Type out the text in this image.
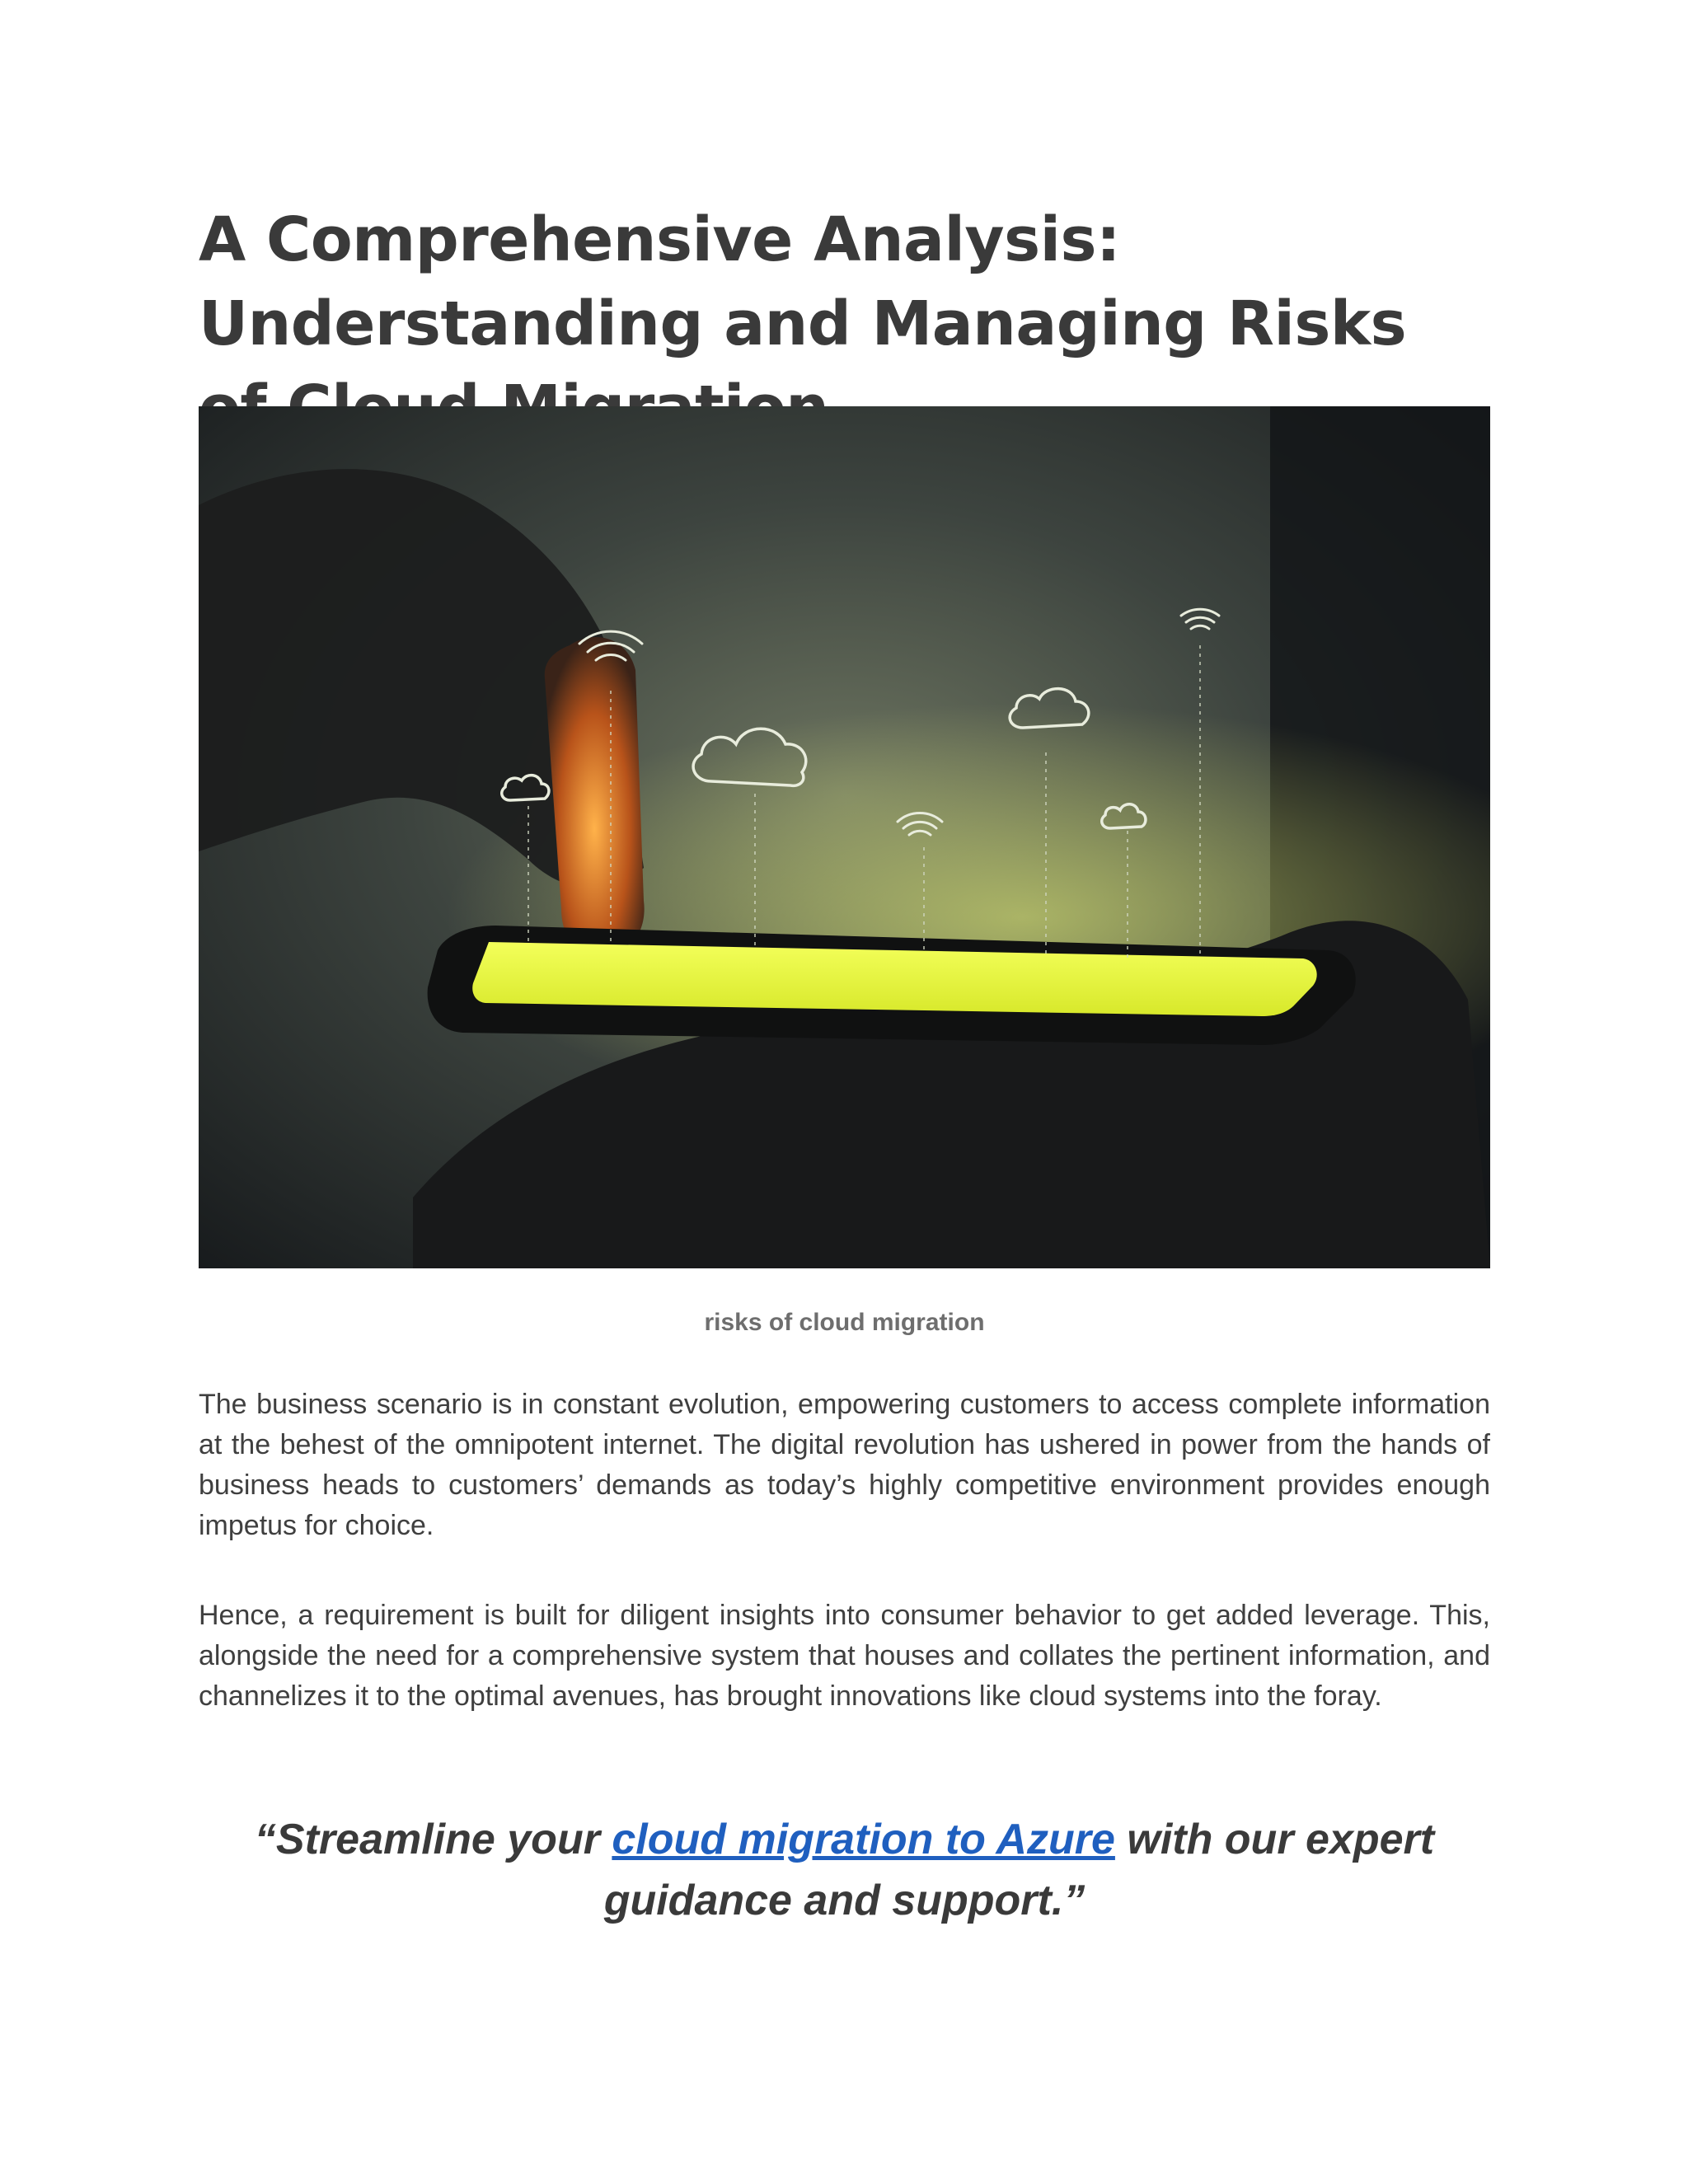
A Comprehensive Analysis: Understanding and Managing Risks
risks of cloud migration

The business scenario is in constant evolution, empowering customers to access complete information at the behest of the omnipotent internet. The digital revolution has ushered in power from the hands of business heads to customers’ demands as today’s highly competitive environment provides enough impetus for choice.

Hence, a requirement is built for diligent insights into consumer behavior to get added leverage. This, alongside the need for a comprehensive system that houses and collates the pertinent information, and channelizes it to the optimal avenues, has brought innovations like cloud systems into the foray.

“Streamline your cloud migration to Azure with our expert guidance and support.”
